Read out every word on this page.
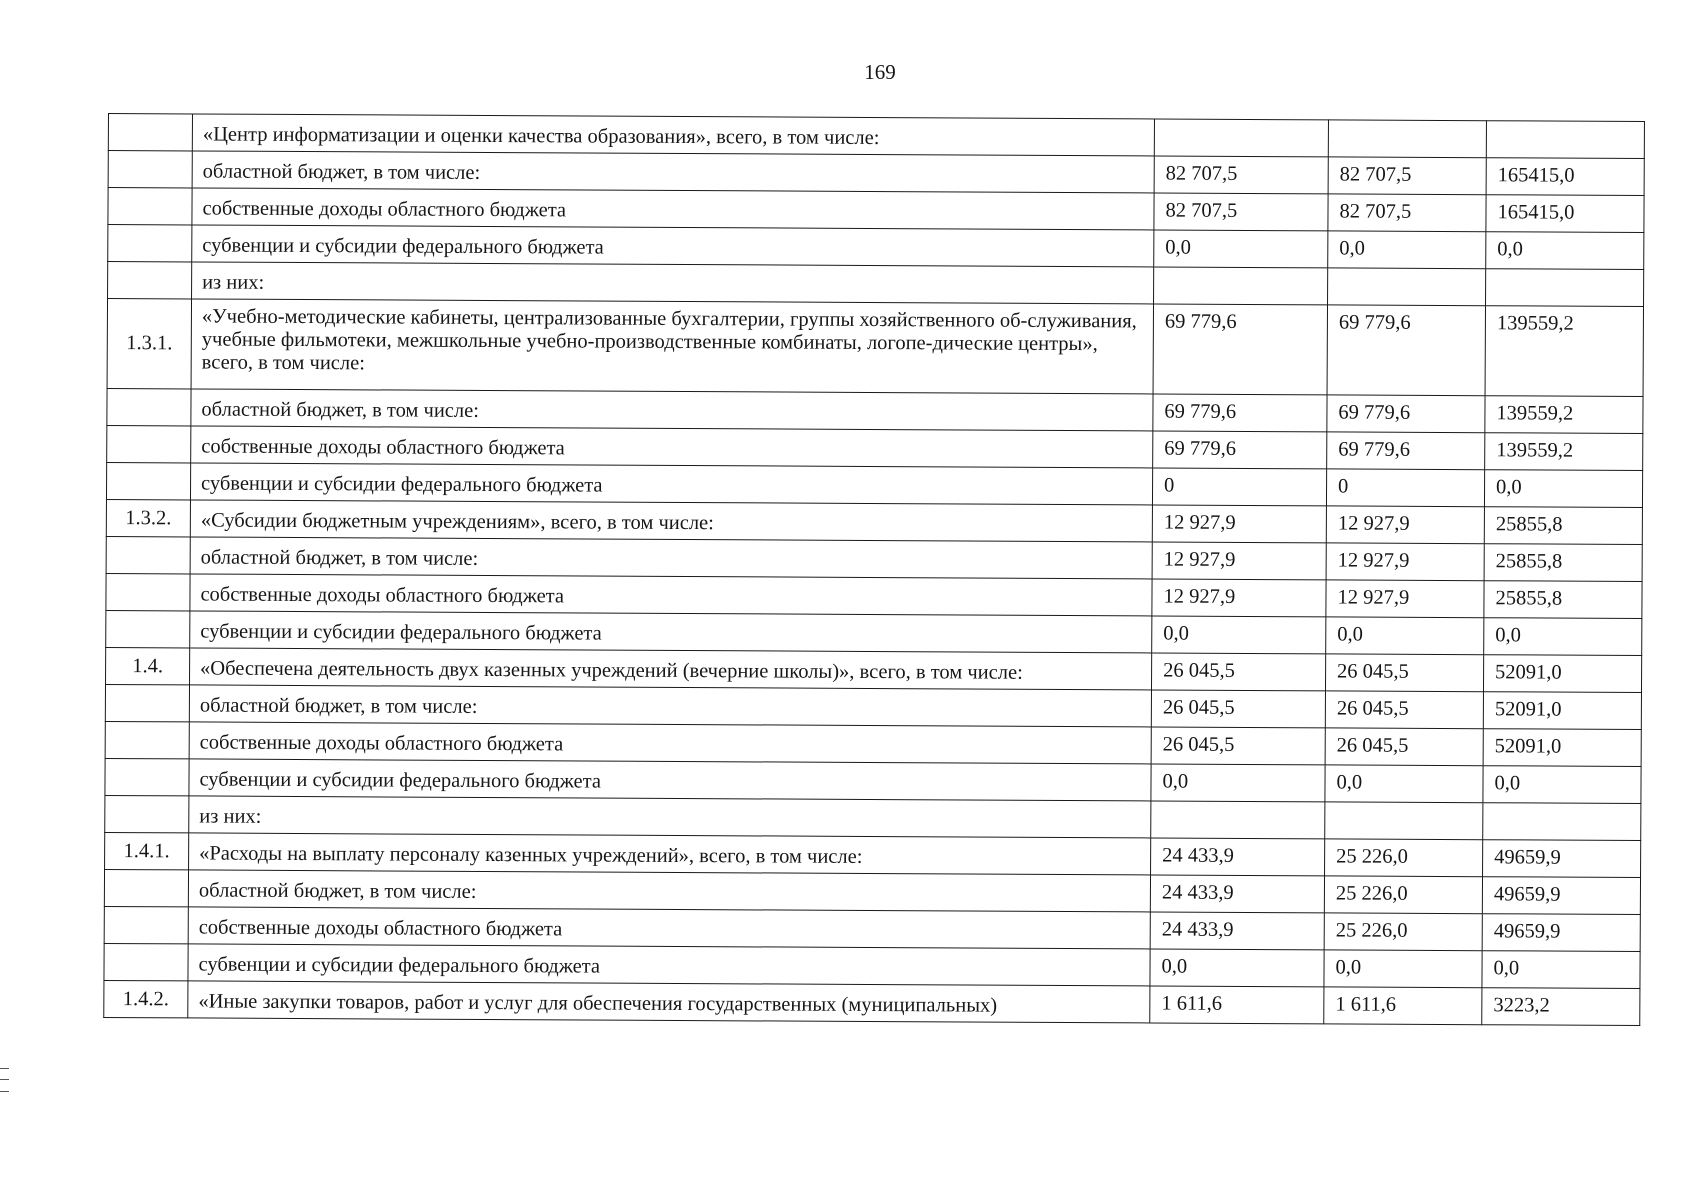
169
	«Центр информатизации и оценки качества образования», всего, в том числе:			
	областной бюджет, в том числе:	82 707,5	82 707,5	165415,0
	собственные доходы областного бюджета	82 707,5	82 707,5	165415,0
	субвенции и субсидии федерального бюджета	0,0	0,0	0,0
	из них:			
1.3.1.	«Учебно-методические кабинеты, централизованные бухгалтерии, группы хозяйственного об-служивания, учебные фильмотеки, межшкольные учебно-производственные комбинаты, логопе-дические центры», всего, в том числе:	69 779,6	69 779,6	139559,2
	областной бюджет, в том числе:	69 779,6	69 779,6	139559,2
	собственные доходы областного бюджета	69 779,6	69 779,6	139559,2
	субвенции и субсидии федерального бюджета	0	0	0,0
1.3.2.	«Субсидии бюджетным учреждениям», всего, в том числе:	12 927,9	12 927,9	25855,8
	областной бюджет, в том числе:	12 927,9	12 927,9	25855,8
	собственные доходы областного бюджета	12 927,9	12 927,9	25855,8
	субвенции и субсидии федерального бюджета	0,0	0,0	0,0
1.4.	«Обеспечена деятельность двух казенных учреждений (вечерние школы)», всего, в том числе:	26 045,5	26 045,5	52091,0
	областной бюджет, в том числе:	26 045,5	26 045,5	52091,0
	собственные доходы областного бюджета	26 045,5	26 045,5	52091,0
	субвенции и субсидии федерального бюджета	0,0	0,0	0,0
	из них:			
1.4.1.	«Расходы на выплату персоналу казенных учреждений», всего, в том числе:	24 433,9	25 226,0	49659,9
	областной бюджет, в том числе:	24 433,9	25 226,0	49659,9
	собственные доходы областного бюджета	24 433,9	25 226,0	49659,9
	субвенции и субсидии федерального бюджета	0,0	0,0	0,0
1.4.2.	«Иные закупки товаров, работ и услуг для обеспечения государственных (муниципальных)	1 611,6	1 611,6	3223,2
